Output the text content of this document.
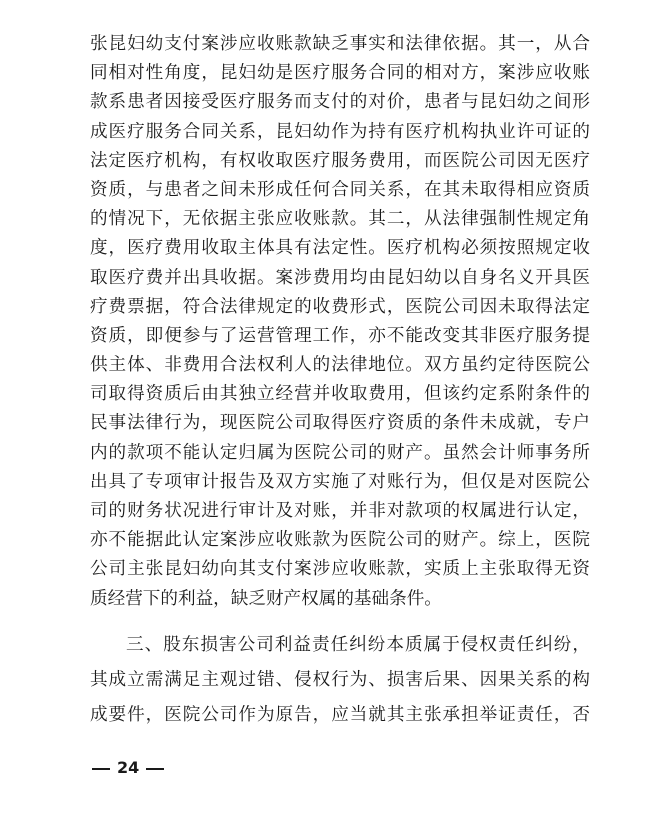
张昆妇幼支付案涉应收账款缺乏事实和法律依据。其一，从合
同相对性角度，昆妇幼是医疗服务合同的相对方，案涉应收账
款系患者因接受医疗服务而支付的对价，患者与昆妇幼之间形
成医疗服务合同关系，昆妇幼作为持有医疗机构执业许可证的
法定医疗机构，有权收取医疗服务费用，而医院公司因无医疗
资质，与患者之间未形成任何合同关系，在其未取得相应资质
的情况下，无依据主张应收账款。其二，从法律强制性规定角
度，医疗费用收取主体具有法定性。医疗机构必须按照规定收
取医疗费并出具收据。案涉费用均由昆妇幼以自身名义开具医
疗费票据，符合法律规定的收费形式，医院公司因未取得法定
资质，即便参与了运营管理工作，亦不能改变其非医疗服务提
供主体、非费用合法权利人的法律地位。双方虽约定待医院公
司取得资质后由其独立经营并收取费用，但该约定系附条件的
民事法律行为，现医院公司取得医疗资质的条件未成就，专户
内的款项不能认定归属为医院公司的财产。虽然会计师事务所
出具了专项审计报告及双方实施了对账行为，但仅是对医院公
司的财务状况进行审计及对账，并非对款项的权属进行认定，
亦不能据此认定案涉应收账款为医院公司的财产。综上，医院
公司主张昆妇幼向其支付案涉应收账款，实质上主张取得无资
质经营下的利益，缺乏财产权属的基础条件。
三、股东损害公司利益责任纠纷本质属于侵权责任纠纷，
其成立需满足主观过错、侵权行为、损害后果、因果关系的构
成要件，医院公司作为原告，应当就其主张承担举证责任，否
24
